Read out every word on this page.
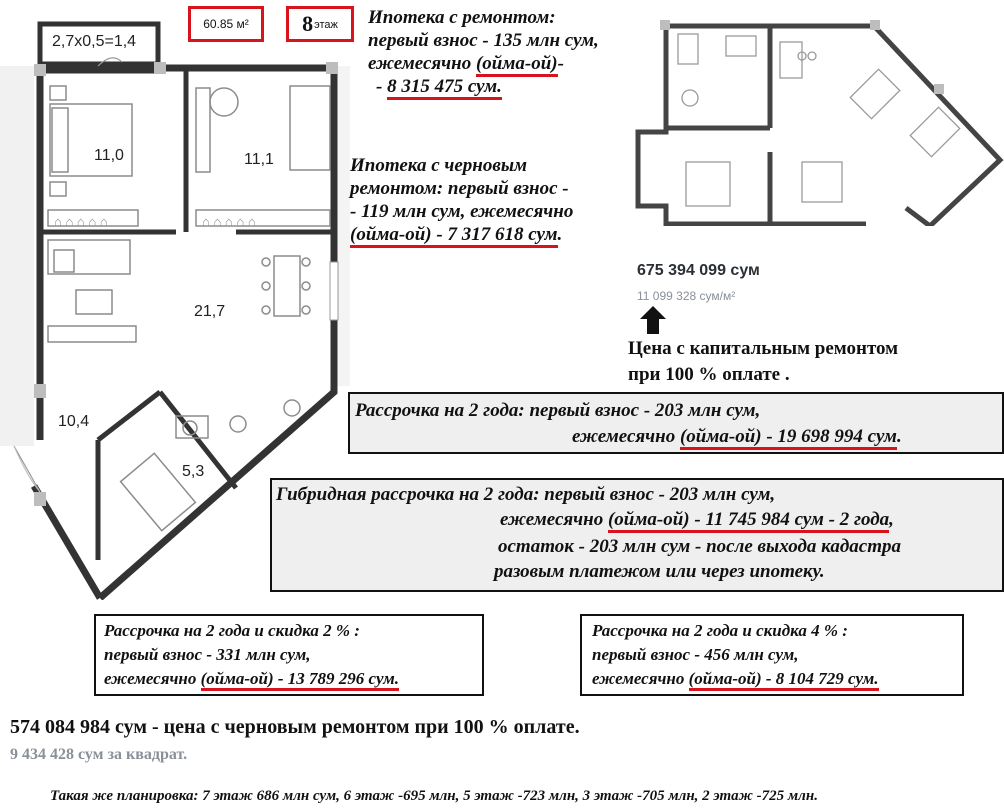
⌂ ⌂ ⌂ ⌂ ⌂	⌂ ⌂ ⌂ ⌂ ⌂
2,7x0,5=1,4
11,0	11,1
21,7
10,4
5,3
60.85 м² 8 этаж Ипотека с ремонтом:
первый взнос - 135 млн сум,
ежемесячно (ойма-ой)-
- 8 315 475 сум.
Ипотека с черновым
ремонтом: первый взнос -
- 119 млн сум, ежемесячно
(ойма-ой) - 7 317 618 сум.
675 394 099 сум
11 099 328 сум/м²
Цена с капитальным ремонтом
при 100 % оплате .
Рассрочка на 2 года: первый взнос - 203 млн сум,
ежемесячно (ойма-ой) - 19 698 994 сум.
Гибридная рассрочка на 2 года: первый взнос - 203 млн сум,
ежемесячно (ойма-ой) - 11 745 984 сум - 2 года,
остаток - 203 млн сум - после выхода кадастра
разовым платежом или через ипотеку.
Рассрочка на 2 года и скидка 2 % :
первый взнос - 331 млн сум,
ежемесячно (ойма-ой) - 13 789 296 сум.
Рассрочка на 2 года и скидка 4 % :
первый взнос - 456 млн сум,
ежемесячно (ойма-ой) - 8 104 729 сум.
574 084 984 сум - цена с черновым ремонтом при 100 % оплате.
9 434 428 сум за квадрат.
Такая же планировка: 7 этаж 686 млн сум, 6 этаж -695 млн, 5 этаж -723 млн, 3 этаж -705 млн, 2 этаж -725 млн.
